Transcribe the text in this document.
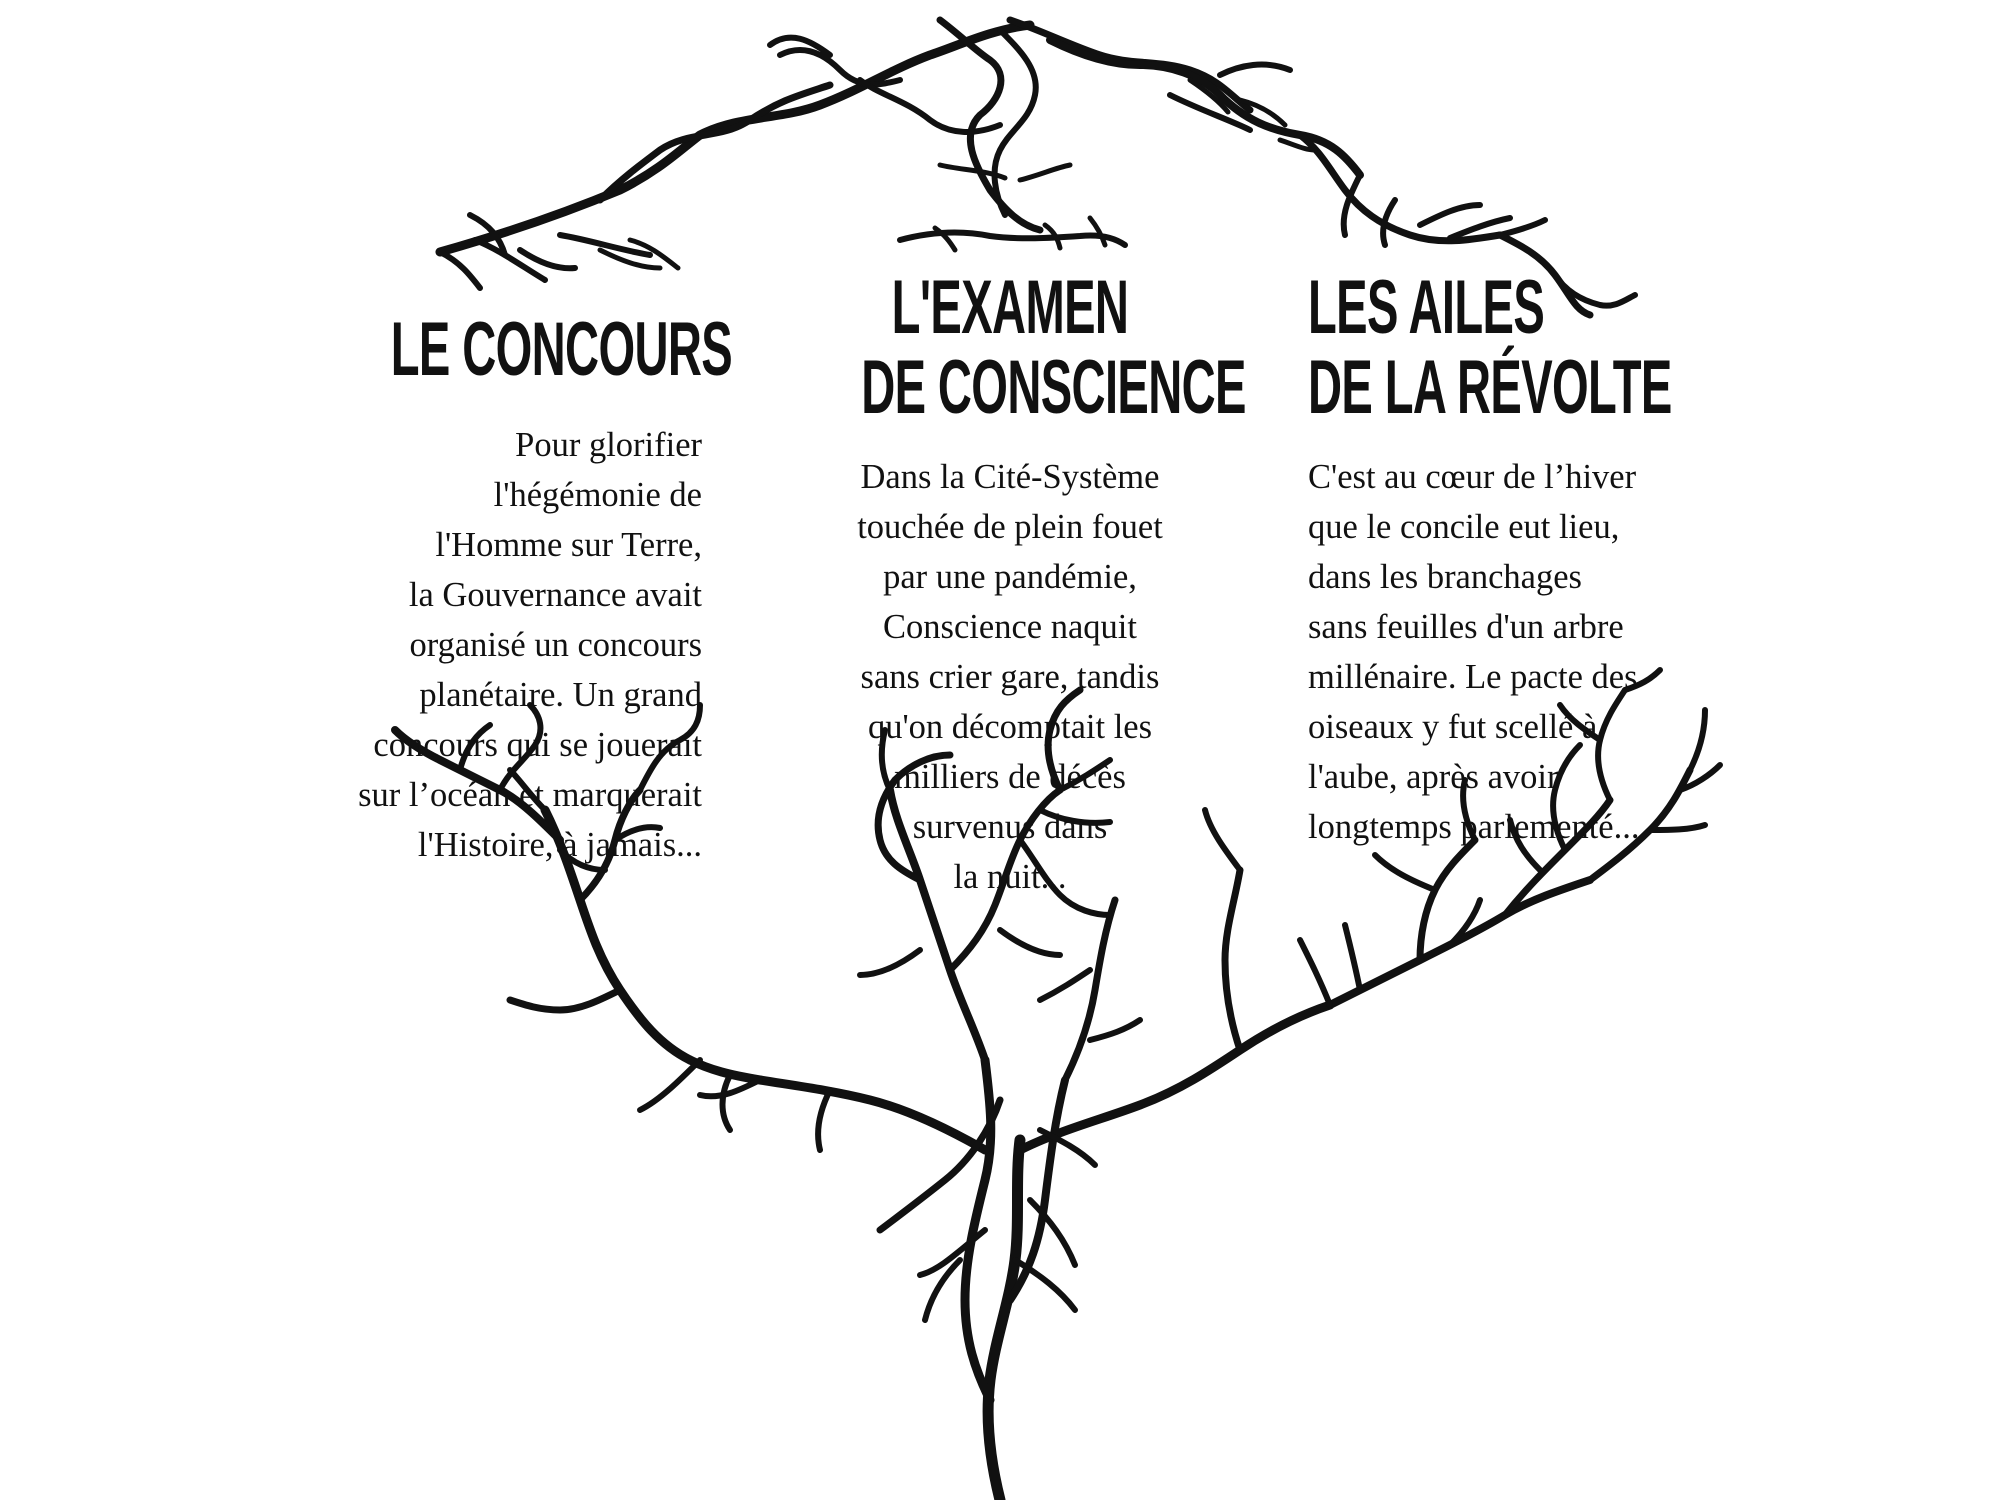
LE CONCOURS

Pour glorifier
l'hégémonie de
l'Homme sur Terre,
la Gouvernance avait
organisé un concours
planétaire. Un grand
concours qui se jouerait
sur l’océan et marquerait
l'Histoire, à jamais...

L'EXAMEN
DE CONSCIENCE

Dans la Cité-Système
touchée de plein fouet
par une pandémie,
Conscience naquit
sans crier gare, tandis
qu'on décomptait les
milliers de décès
survenus dans
la nuit...

LES AILES
DE LA RÉVOLTE

C'est au cœur de l’hiver
que le concile eut lieu,
dans les branchages
sans feuilles d'un arbre
millénaire. Le pacte des
oiseaux y fut scellé à
l'aube, après avoir
longtemps parlementé...
